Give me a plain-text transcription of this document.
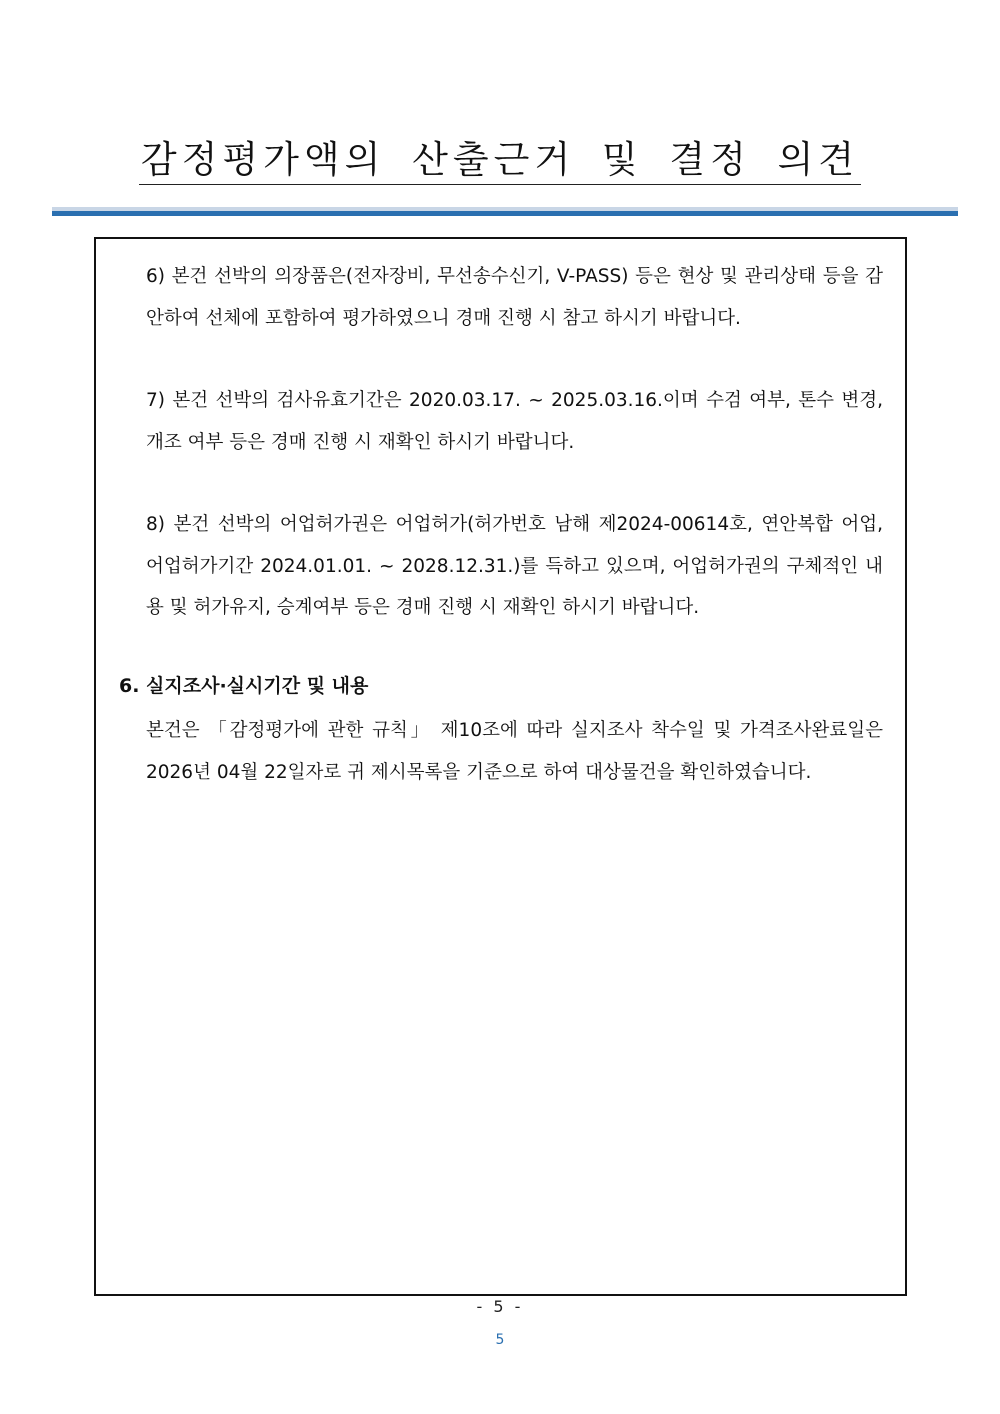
감정평가액의 산출근거 및 결정 의견

6) 본건 선박의 의장품은(전자장비, 무선송수신기, V-PASS) 등은 현상 및 관리상태 등을 감안하여 선체에 포함하여 평가하였으니 경매 진행 시 참고 하시기 바랍니다.

7) 본건 선박의 검사유효기간은 2020.03.17. ~ 2025.03.16.이며 수검 여부, 톤수 변경, 개조 여부 등은 경매 진행 시 재확인 하시기 바랍니다.

8) 본건 선박의 어업허가권은 어업허가(허가번호 남해 제2024-00614호, 연안복합 어업, 어업허가기간 2024.01.01. ~ 2028.12.31.)를 득하고 있으며, 어업허가권의 구체적인 내용 및 허가유지, 승계여부 등은 경매 진행 시 재확인 하시기 바랍니다.

6. 실지조사·실시기간 및 내용

본건은 「감정평가에 관한 규칙」 제10조에 따라 실지조사 착수일 및 가격조사완료일은 2026년 04월 22일자로 귀 제시목록을 기준으로 하여 대상물건을 확인하였습니다.

- 5 -
5
